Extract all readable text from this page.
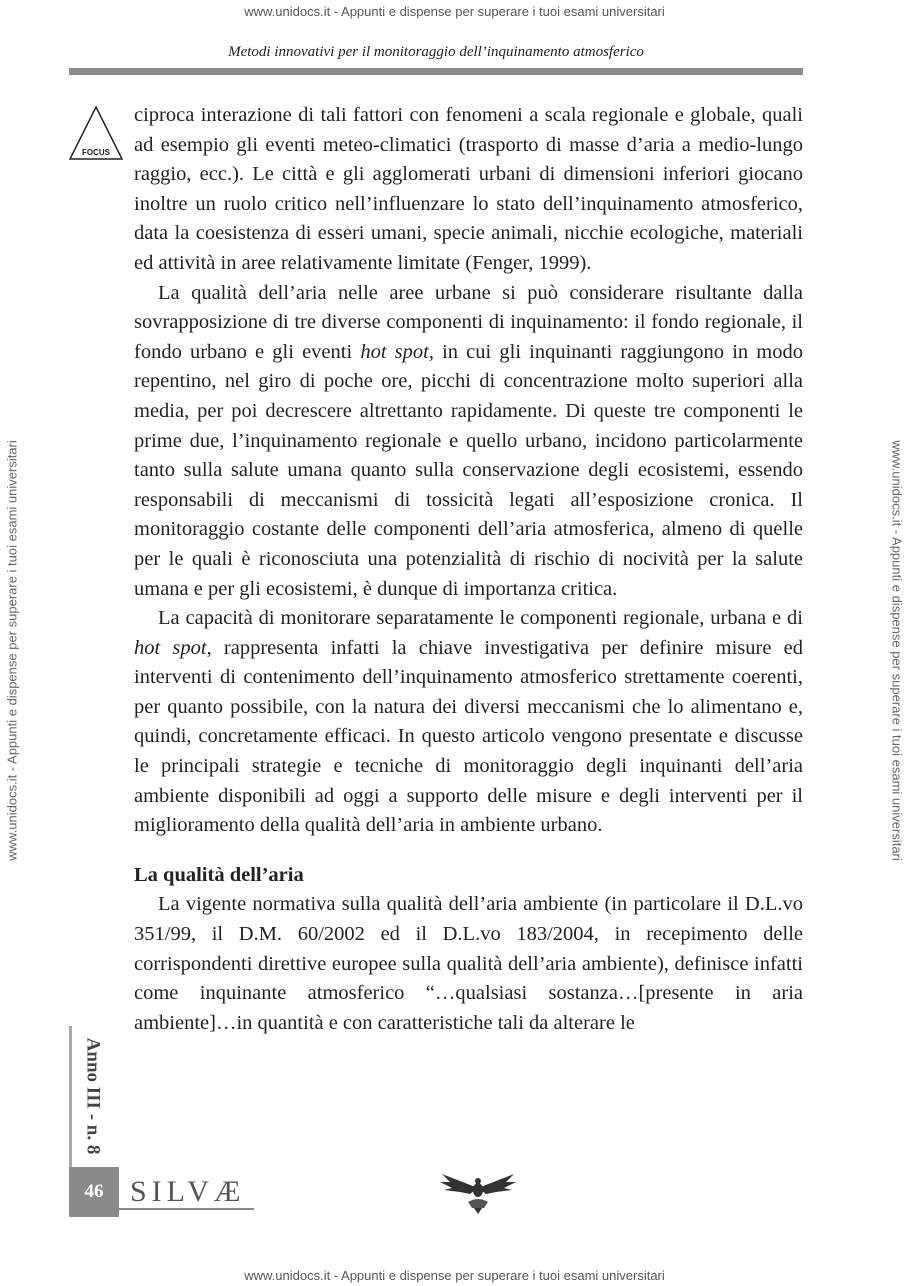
www.unidocs.it - Appunti e dispense per superare i tuoi esami universitari
www.unidocs.it - Appunti e dispense per superare i tuoi esami universitari
www.unidocs.it - Appunti e dispense per superare i tuoi esami universitari	www.unidocs.it - Appunti e dispense per superare i tuoi esami universitari
Metodi innovativi per il monitoraggio dell’inquinamento atmosferico
FOCUS

ciproca interazione di tali fattori con fenomeni a scala regionale e globale, quali ad esempio gli eventi meteo-climatici (trasporto di masse d’aria a medio-lungo raggio, ecc.). Le città e gli agglomerati urbani di dimensioni inferiori giocano inoltre un ruolo critico nell’influenzare lo stato dell’inquinamento atmosferico, data la coesistenza di esseri umani, specie animali, nicchie ecologiche, materiali ed attività in aree relativamente limitate (Fenger, 1999).

La qualità dell’aria nelle aree urbane si può considerare risultante dalla sovrapposizione di tre diverse componenti di inquinamento: il fondo regionale, il fondo urbano e gli eventi hot spot, in cui gli inquinanti raggiungono in modo repentino, nel giro di poche ore, picchi di concentrazione molto superiori alla media, per poi decrescere altrettanto rapidamente. Di queste tre componenti le prime due, l’inquinamento regionale e quello urbano, incidono particolarmente tanto sulla salute umana quanto sulla conservazione degli ecosistemi, essendo responsabili di meccanismi di tossicità legati all’esposizione cronica. Il monitoraggio costante delle componenti dell’aria atmosferica, almeno di quelle per le quali è riconosciuta una potenzialità di rischio di nocività per la salute umana e per gli ecosistemi, è dunque di importanza critica.

La capacità di monitorare separatamente le componenti regionale, urbana e di hot spot, rappresenta infatti la chiave investigativa per definire misure ed interventi di contenimento dell’inquinamento atmosferico strettamente coerenti, per quanto possibile, con la natura dei diversi meccanismi che lo alimentano e, quindi, concretamente efficaci. In questo articolo vengono presentate e discusse le principali strategie e tecniche di monitoraggio degli inquinanti dell’aria ambiente disponibili ad oggi a supporto delle misure e degli interventi per il miglioramento della qualità dell’aria in ambiente urbano.

La qualità dell’aria

La vigente normativa sulla qualità dell’aria ambiente (in particolare il D.L.vo 351/99, il D.M. 60/2002 ed il D.L.vo 183/2004, in recepimento delle corrispondenti direttive europee sulla qualità dell’aria ambiente), definisce infatti come inquinante atmosferico “…qualsiasi sostanza…[presente in aria ambiente]…in quantità e con caratteristiche tali da alterare le

Anno III - n. 8
46 SILVÆ
